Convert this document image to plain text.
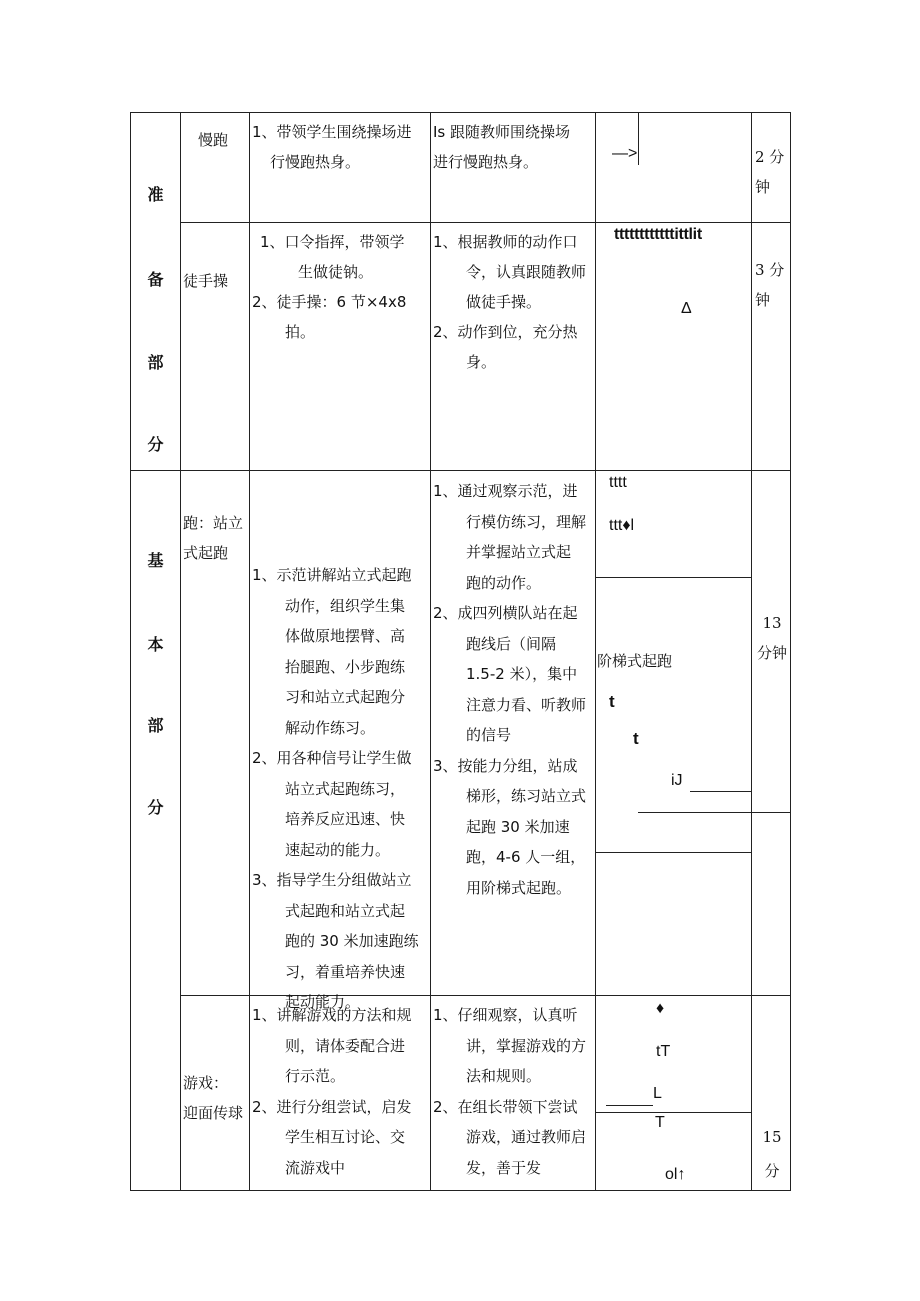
准
备
部
分
慢跑 1、带领学生围绕操场进
行慢跑热身。
Is 跟随教师围绕操场
进行慢跑热身。	—>	2 分
钟
徒手操
1、口令指挥，带领学
生做徒钠。
2、徒手操：6 节×4x8
拍。
1、根据教师的动作口
令，认真跟随教师
做徒手操。
2、动作到位，充分热
身。
ttttttttttttittlit
Δ
3 分
钟
基
本
部
分
跑：站立
式起跑
1、示范讲解站立式起跑
动作，组织学生集
体做原地摆臂、高
抬腿跑、小步跑练
习和站立式起跑分
解动作练习。
2、用各种信号让学生做
站立式起跑练习，
培养反应迅速、快
速起动的能力。
3、指导学生分组做站立
式起跑和站立式起
跑的 30 米加速跑练
习，着重培养快速
起动能力。
1、通过观察示范，进
行模仿练习，理解
并掌握站立式起
跑的动作。
2、成四列横队站在起
跑线后（间隔
1.5-2 米），集中
注意力看、听教师
的信号
3、按能力分组，站成
梯形，练习站立式
起跑 30 米加速
跑，4-6 人一组，
用阶梯式起跑。
tttt
ttt♦l
阶梯式起跑
t
t
iJ
13
分钟
游戏：
迎面传球
1、讲解游戏的方法和规
则，请体委配合进
行示范。
2、进行分组尝试，启发
学生相互讨论、交
流游戏中
1、仔细观察，认真听
讲，掌握游戏的方
法和规则。
2、在组长带领下尝试
游戏，通过教师启
发，善于发
♦
tT
L
T
ol↑
15
分
